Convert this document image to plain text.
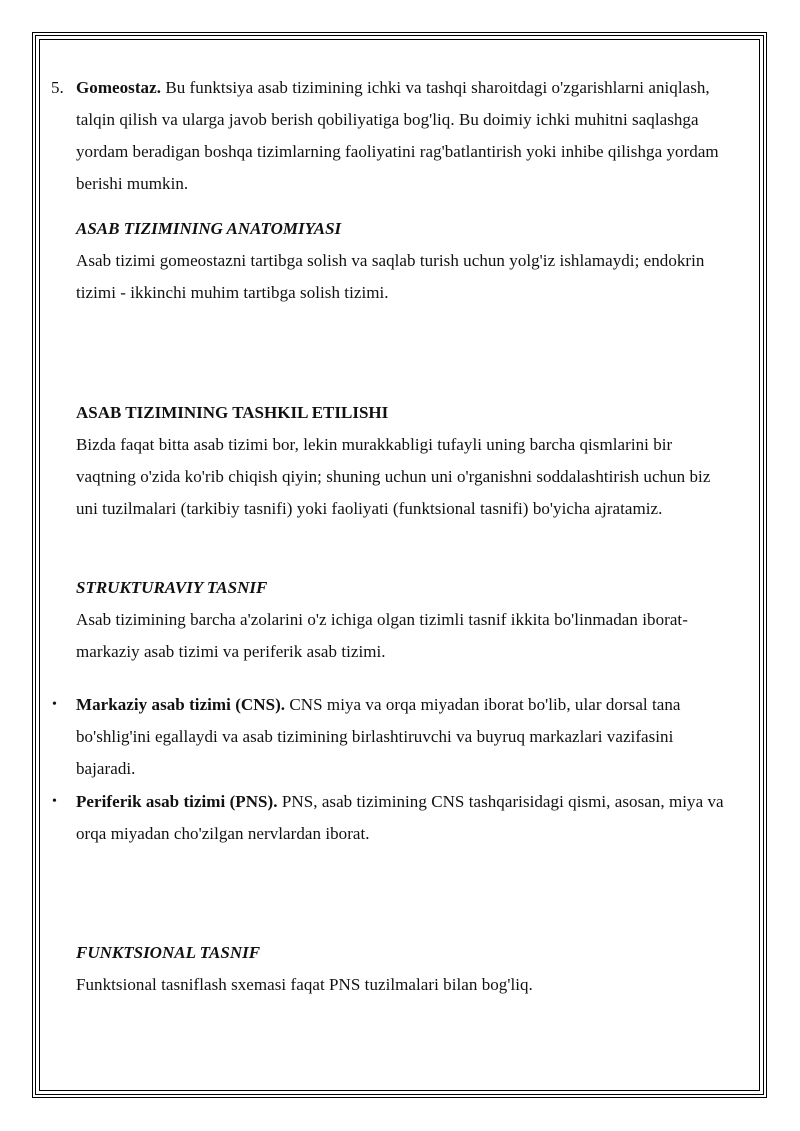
5. Gomeostaz. Bu funktsiya asab tizimining ichki va tashqi sharoitdagi o'zgarishlarni aniqlash, talqin qilish va ularga javob berish qobiliyatiga bog'liq. Bu doimiy ichki muhitni saqlashga yordam beradigan boshqa tizimlarning faoliyatini rag'batlantirish yoki inhibe qilishga yordam berishi mumkin.

ASAB TIZIMINING ANATOMIYASI

Asab tizimi gomeostazni tartibga solish va saqlab turish uchun yolg'iz ishlamaydi; endokrin tizimi - ikkinchi muhim tartibga solish tizimi.

ASAB TIZIMINING TASHKIL ETILISHI

Bizda faqat bitta asab tizimi bor, lekin murakkabligi tufayli uning barcha qismlarini bir vaqtning o'zida ko'rib chiqish qiyin; shuning uchun uni o'rganishni soddalashtirish uchun biz uni tuzilmalari (tarkibiy tasnifi) yoki faoliyati (funktsional tasnifi) bo'yicha ajratamiz.

STRUKTURAVIY TASNIF

Asab tizimining barcha a'zolarini o'z ichiga olgan tizimli tasnif ikkita bo'linmadan iborat- markaziy asab tizimi va periferik asab tizimi.

• Markaziy asab tizimi (CNS). CNS miya va orqa miyadan iborat bo'lib, ular dorsal tana bo'shlig'ini egallaydi va asab tizimining birlashtiruvchi va buyruq markazlari vazifasini bajaradi.

• Periferik asab tizimi (PNS). PNS, asab tizimining CNS tashqarisidagi qismi, asosan, miya va orqa miyadan cho'zilgan nervlardan iborat.

FUNKTSIONAL TASNIF

Funktsional tasniflash sxemasi faqat PNS tuzilmalari bilan bog'liq.
